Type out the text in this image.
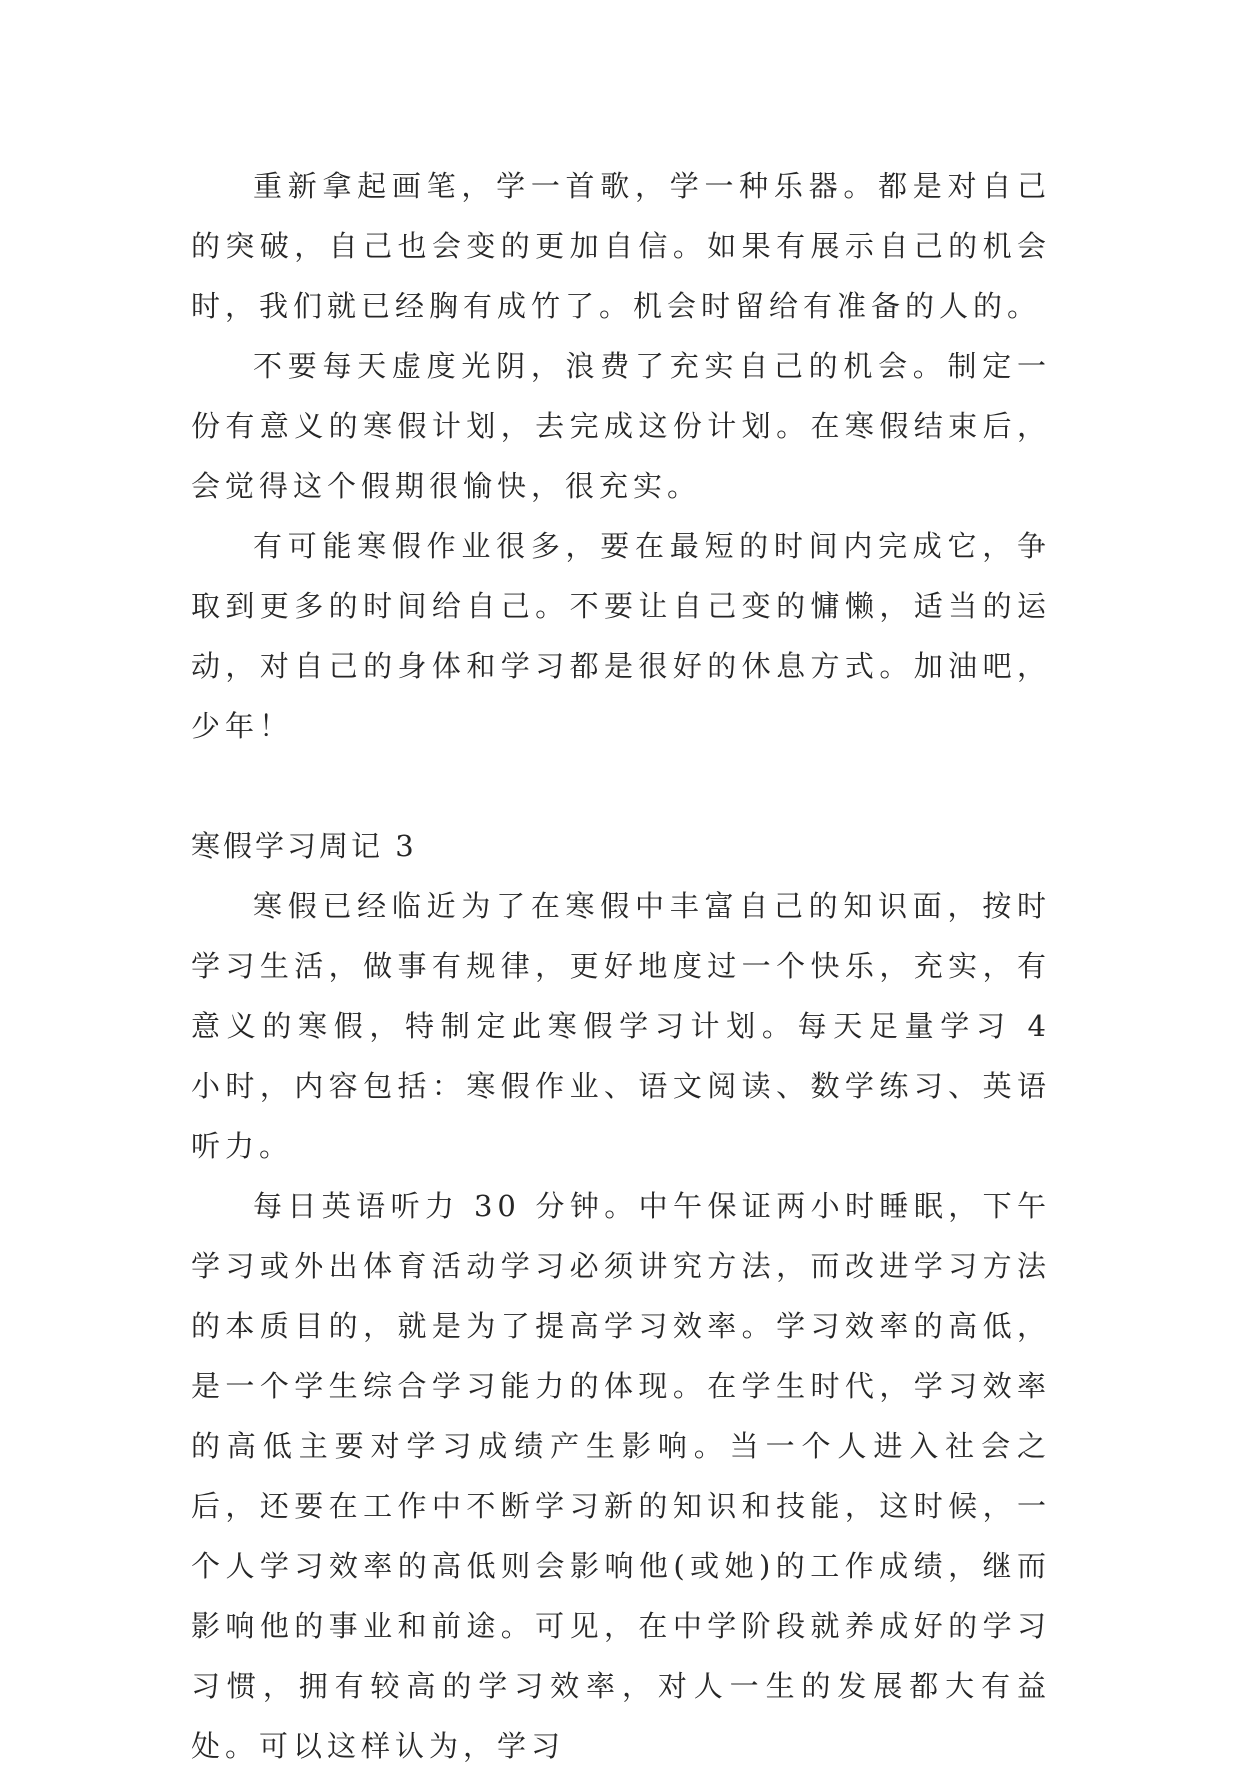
重新拿起画笔，学一首歌，学一种乐器。都是对自己的突破，自己也会变的更加自信。如果有展示自己的机会时，我们就已经胸有成竹了。机会时留给有准备的人的。

不要每天虚度光阴，浪费了充实自己的机会。制定一份有意义的寒假计划，去完成这份计划。在寒假结束后，会觉得这个假期很愉快，很充实。

有可能寒假作业很多，要在最短的时间内完成它，争取到更多的时间给自己。不要让自己变的慵懒，适当的运动，对自己的身体和学习都是很好的休息方式。加油吧，少年！

寒假学习周记 3

寒假已经临近为了在寒假中丰富自己的知识面，按时学习生活，做事有规律，更好地度过一个快乐，充实，有意义的寒假，特制定此寒假学习计划。每天足量学习 4 小时，内容包括：寒假作业、语文阅读、数学练习、英语听力。

每日英语听力 30 分钟。中午保证两小时睡眠，下午学习或外出体育活动学习必须讲究方法，而改进学习方法的本质目的，就是为了提高学习效率。学习效率的高低，是一个学生综合学习能力的体现。在学生时代，学习效率的高低主要对学习成绩产生影响。当一个人进入社会之后，还要在工作中不断学习新的知识和技能，这时候，一个人学习效率的高低则会影响他(或她)的工作成绩，继而影响他的事业和前途。可见，在中学阶段就养成好的学习习惯，拥有较高的学习效率，对人一生的发展都大有益处。可以这样认为，学习
